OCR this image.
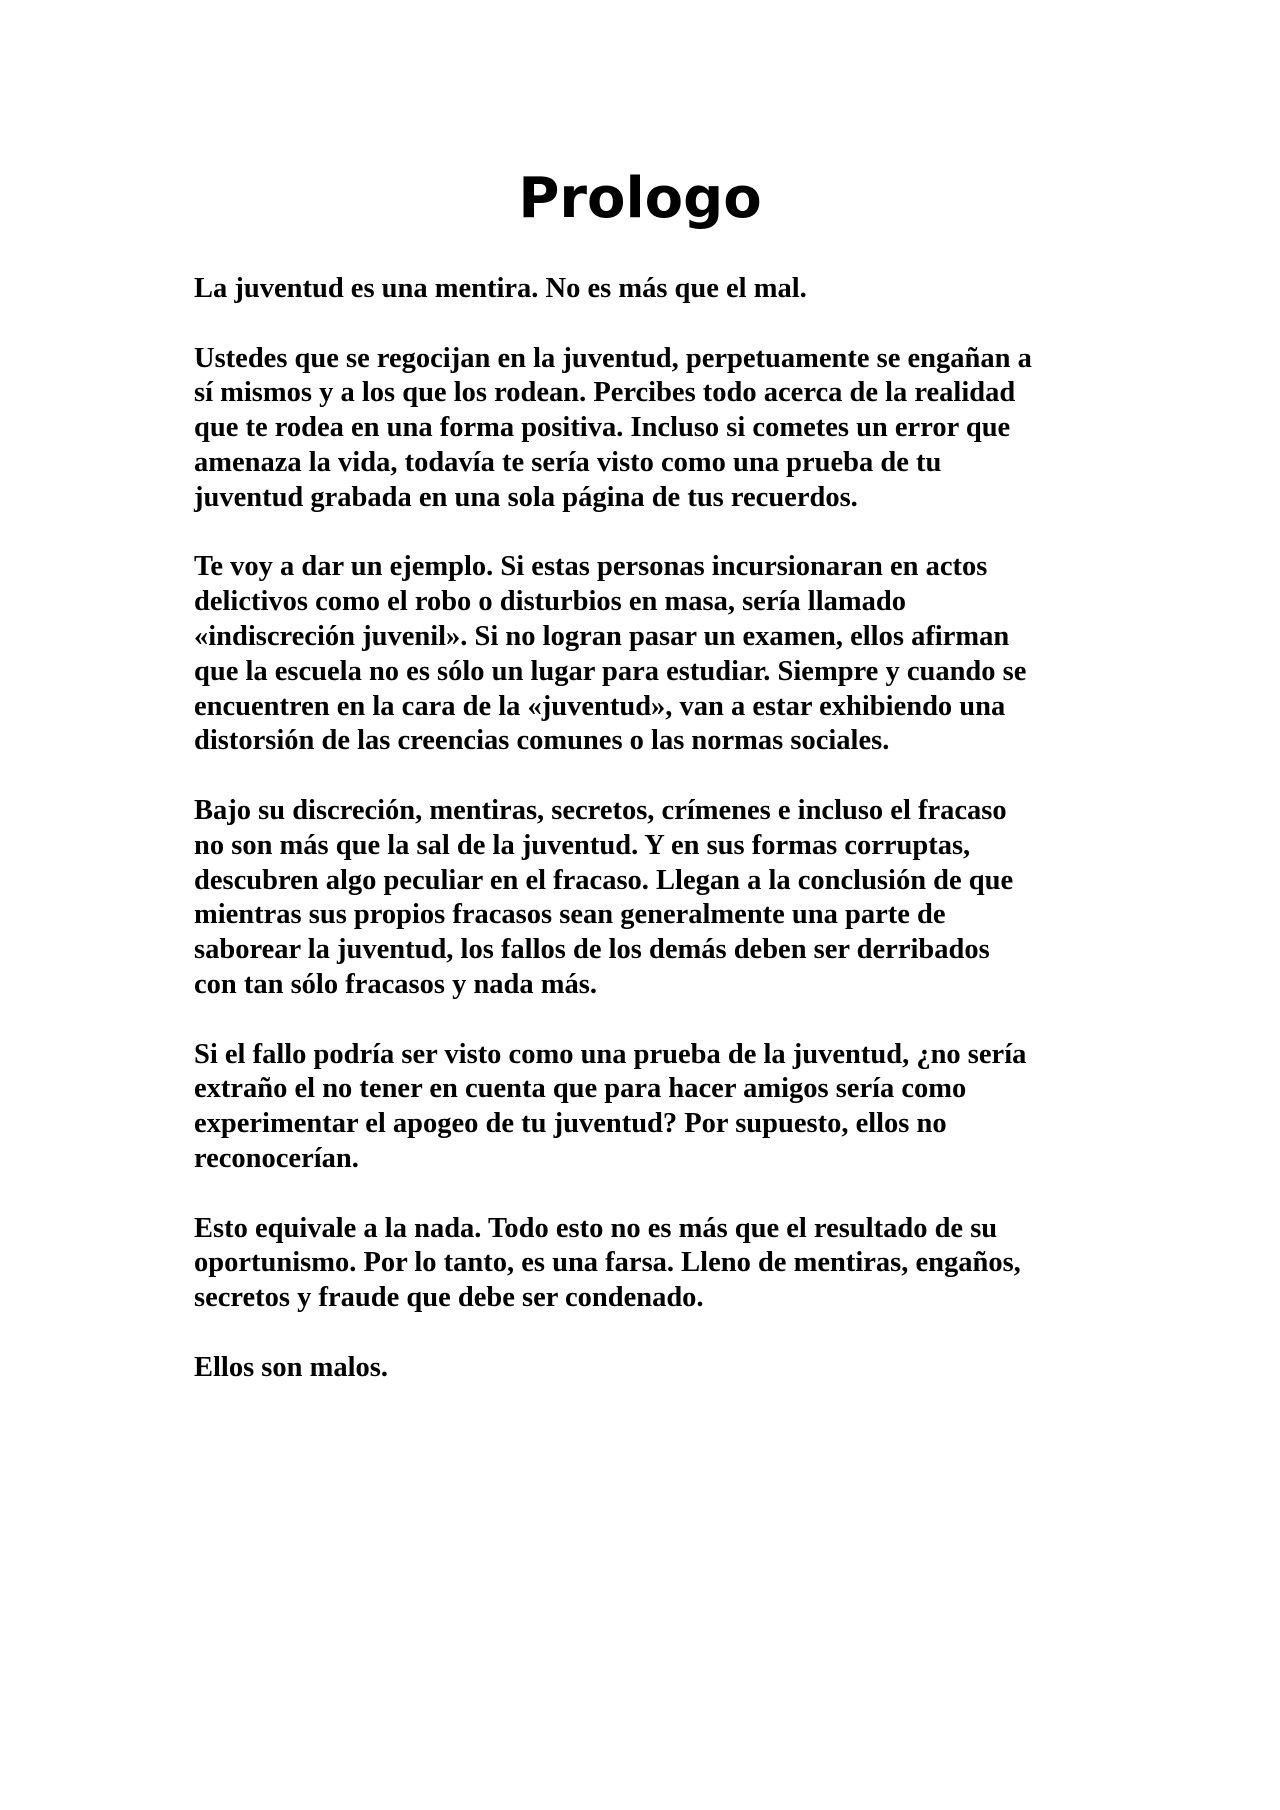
Prologo

La juventud es una mentira. No es más que el mal.

Ustedes que se regocijan en la juventud, perpetuamente se engañan a
sí mismos y a los que los rodean. Percibes todo acerca de la realidad
que te rodea en una forma positiva. Incluso si cometes un error que
amenaza la vida, todavía te sería visto como una prueba de tu
juventud grabada en una sola página de tus recuerdos.

Te voy a dar un ejemplo. Si estas personas incursionaran en actos
delictivos como el robo o disturbios en masa, sería llamado
«indiscreción juvenil». Si no logran pasar un examen, ellos afirman
que la escuela no es sólo un lugar para estudiar. Siempre y cuando se
encuentren en la cara de la «juventud», van a estar exhibiendo una
distorsión de las creencias comunes o las normas sociales.

Bajo su discreción, mentiras, secretos, crímenes e incluso el fracaso
no son más que la sal de la juventud. Y en sus formas corruptas,
descubren algo peculiar en el fracaso. Llegan a la conclusión de que
mientras sus propios fracasos sean generalmente una parte de
saborear la juventud, los fallos de los demás deben ser derribados
con tan sólo fracasos y nada más.

Si el fallo podría ser visto como una prueba de la juventud, ¿no sería
extraño el no tener en cuenta que para hacer amigos sería como
experimentar el apogeo de tu juventud? Por supuesto, ellos no
reconocerían.

Esto equivale a la nada. Todo esto no es más que el resultado de su
oportunismo. Por lo tanto, es una farsa. Lleno de mentiras, engaños,
secretos y fraude que debe ser condenado.

Ellos son malos.
